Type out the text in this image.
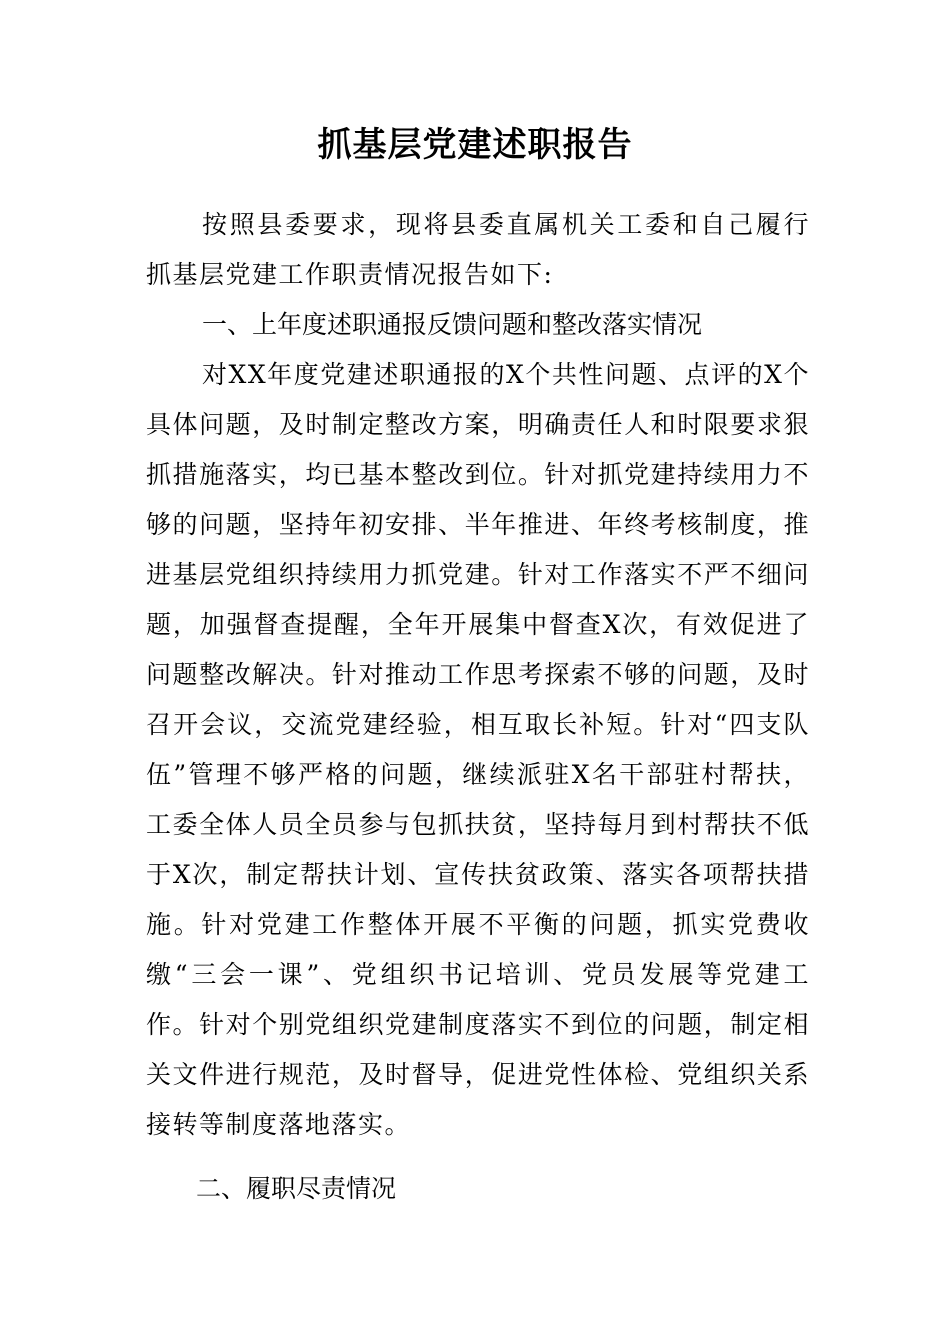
抓基层党建述职报告

按照县委要求，现将县委直属机关工委和自己履行抓基层党建工作职责情况报告如下:

一、上年度述职通报反馈问题和整改落实情况

对XX年度党建述职通报的X个共性问题、点评的X个具体问题，及时制定整改方案，明确责任人和时限要求狠抓措施落实，均已基本整改到位。针对抓党建持续用力不够的问题，坚持年初安排、半年推进、年终考核制度，推进基层党组织持续用力抓党建。针对工作落实不严不细问题，加强督查提醒，全年开展集中督查X次，有效促进了问题整改解决。针对推动工作思考探索不够的问题，及时召开会议，交流党建经验，相互取长补短。针对“四支队伍”管理不够严格的问题，继续派驻X名干部驻村帮扶，工委全体人员全员参与包抓扶贫，坚持每月到村帮扶不低于X次，制定帮扶计划、宣传扶贫政策、落实各项帮扶措施。针对党建工作整体开展不平衡的问题，抓实党费收缴“三会一课”、党组织书记培训、党员发展等党建工作。针对个别党组织党建制度落实不到位的问题，制定相关文件进行规范，及时督导，促进党性体检、党组织关系接转等制度落地落实。

二、履职尽责情况
